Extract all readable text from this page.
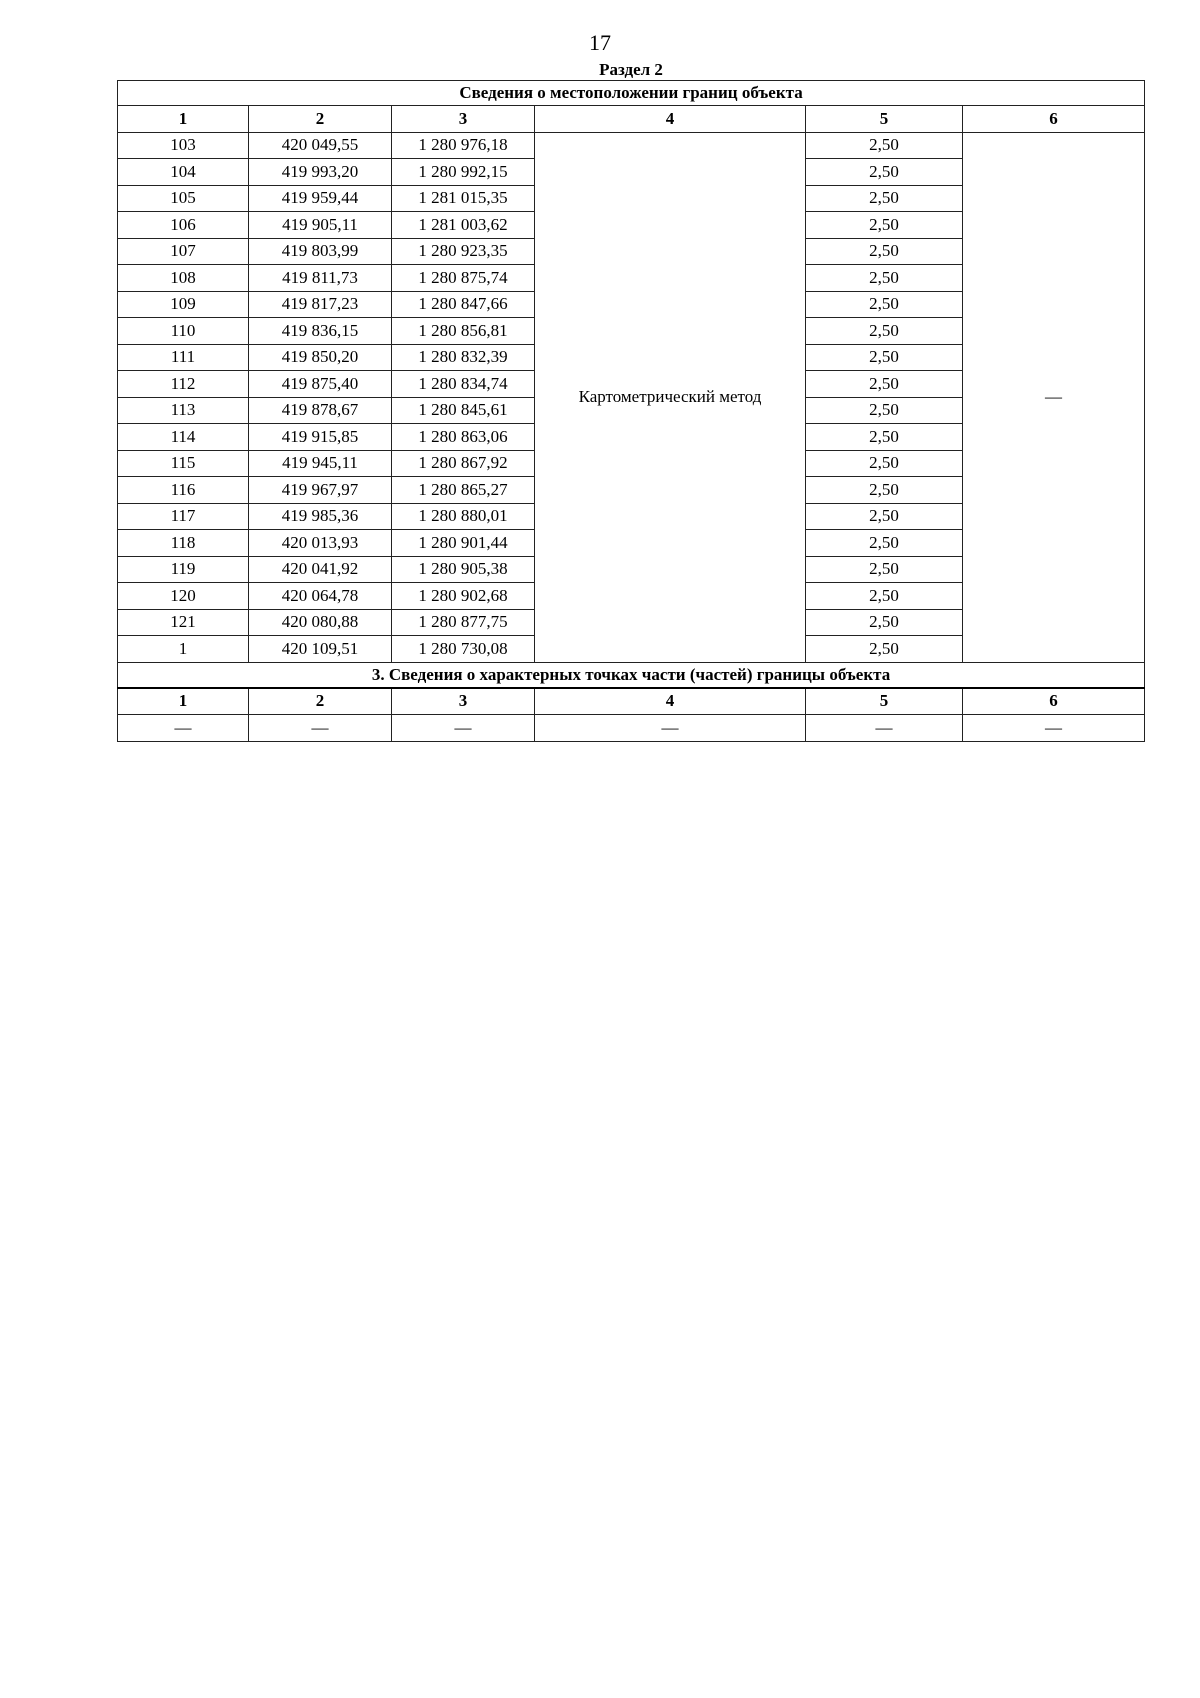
17
Раздел 2
Сведения о местоположении границ объекта					
1	2	3	4	5	6
103	420 049,55	1 280 976,18	Картометрический метод	2,50	—
104	419 993,20	1 280 992,15		2,50	
105	419 959,44	1 281 015,35		2,50	
106	419 905,11	1 281 003,62		2,50	
107	419 803,99	1 280 923,35		2,50	
108	419 811,73	1 280 875,74		2,50	
109	419 817,23	1 280 847,66		2,50	
110	419 836,15	1 280 856,81		2,50	
111	419 850,20	1 280 832,39		2,50	
112	419 875,40	1 280 834,74		2,50	
113	419 878,67	1 280 845,61		2,50	
114	419 915,85	1 280 863,06		2,50	
115	419 945,11	1 280 867,92		2,50	
116	419 967,97	1 280 865,27		2,50	
117	419 985,36	1 280 880,01		2,50	
118	420 013,93	1 280 901,44		2,50	
119	420 041,92	1 280 905,38		2,50	
120	420 064,78	1 280 902,68		2,50	
121	420 080,88	1 280 877,75		2,50	
1	420 109,51	1 280 730,08		2,50	
3. Сведения о характерных точках части (частей) границы объекта					
1	2	3	4	5	6
—	—	—	—	—	—
